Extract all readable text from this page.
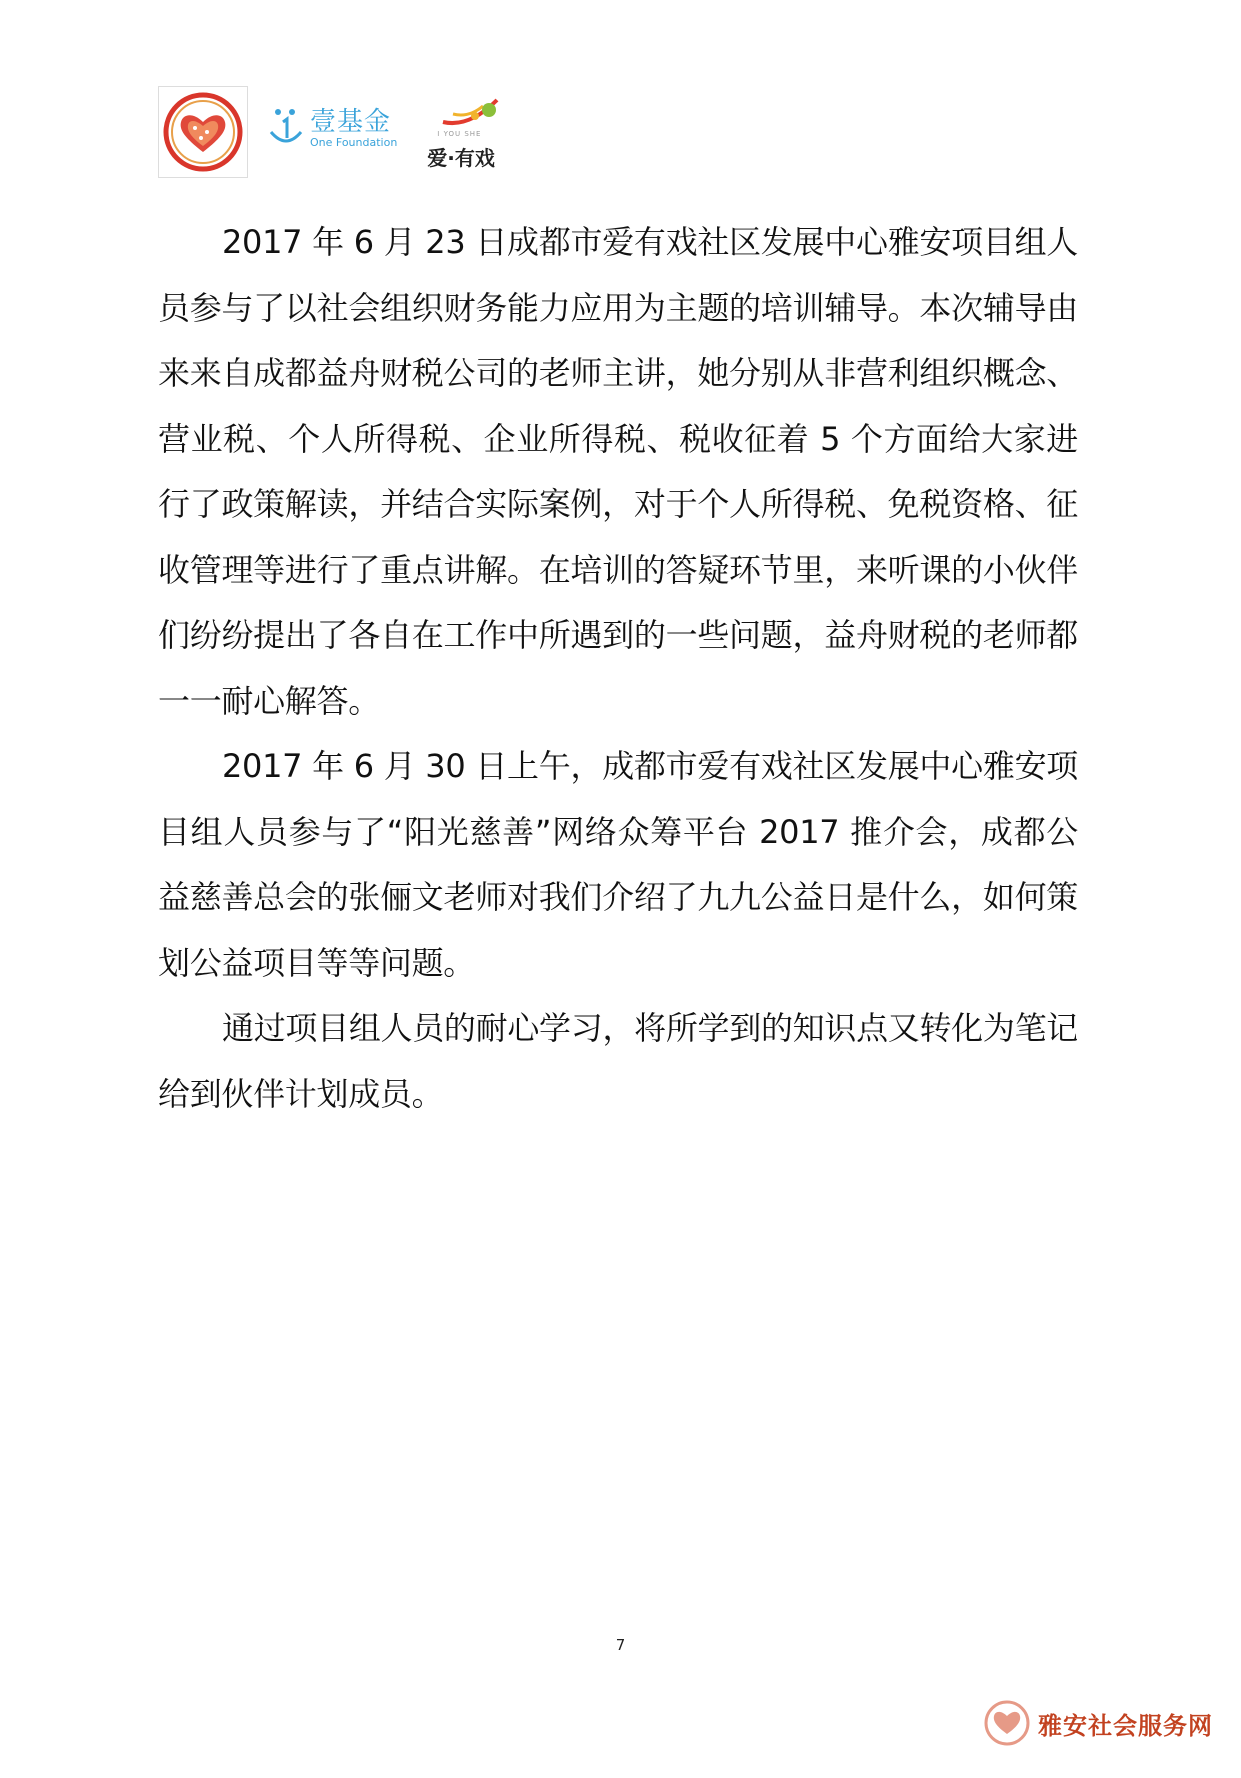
壹基金
One Foundation
I YOU SHE
爱·有戏

2017 年 6 月 23 日成都市爱有戏社区发展中心雅安项目组人员参与了以社会组织财务能力应用为主题的培训辅导。本次辅导由来来自成都益舟财税公司的老师主讲，她分别从非营利组织概念、营业税、个人所得税、企业所得税、税收征着 5 个方面给大家进行了政策解读，并结合实际案例，对于个人所得税、免税资格、征收管理等进行了重点讲解。在培训的答疑环节里，来听课的小伙伴们纷纷提出了各自在工作中所遇到的一些问题，益舟财税的老师都一一耐心解答。

2017 年 6 月 30 日上午，成都市爱有戏社区发展中心雅安项目组人员参与了“阳光慈善”网络众筹平台 2017 推介会，成都公益慈善总会的张俪文老师对我们介绍了九九公益日是什么，如何策划公益项目等等问题。

通过项目组人员的耐心学习，将所学到的知识点又转化为笔记给到伙伴计划成员。

7
雅安社会服务网
